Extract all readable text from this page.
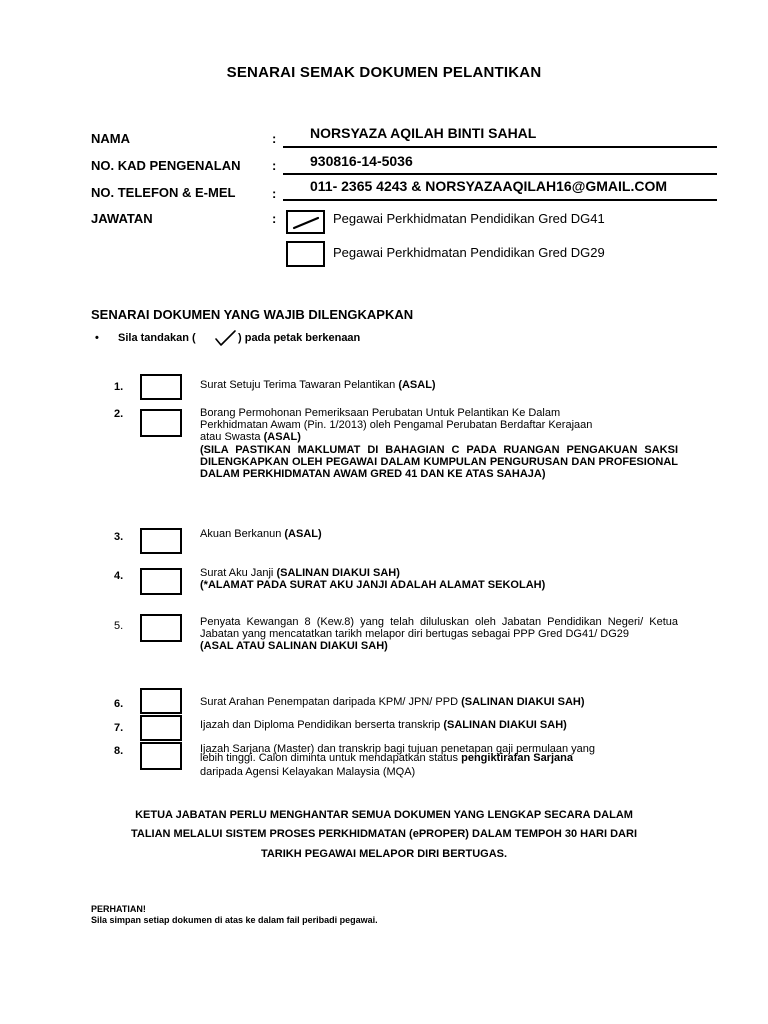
SENARAI SEMAK DOKUMEN PELANTIKAN
NAMA	: NORSYAZA AQILAH BINTI SAHAL
NO. KAD PENGENALAN : 930816-14-5036
NO. TELEFON & E-MEL	: 011- 2365 4243 & NORSYAZAAQILAH16@GMAIL.COM
JAWATAN	:	Pegawai Perkhidmatan Pendidikan Gred DG41
Pegawai Perkhidmatan Pendidikan Gred DG29
SENARAI DOKUMEN YANG WAJIB DILENGKAPKAN
• Sila tandakan (	) pada petak berkenaan
1.	Surat Setuju Terima Tawaran Pelantikan (ASAL)
2.	Borang Permohonan Pemeriksaan Perubatan Untuk Pelantikan Ke Dalam
Perkhidmatan Awam (Pin. 1/2013) oleh Pengamal Perubatan Berdaftar Kerajaan
atau Swasta (ASAL)
(SILA PASTIKAN MAKLUMAT DI BAHAGIAN C PADA RUANGAN PENGAKUAN SAKSI DILENGKAPKAN OLEH PEGAWAI DALAM KUMPULAN PENGURUSAN DAN PROFESIONAL DALAM PERKHIDMATAN AWAM GRED 41 DAN KE ATAS SAHAJA)
3.	Akuan Berkanun (ASAL)
4.	Surat Aku Janji (SALINAN DIAKUI SAH)
(*ALAMAT PADA SURAT AKU JANJI ADALAH ALAMAT SEKOLAH)
5.	Penyata Kewangan 8 (Kew.8) yang telah diluluskan oleh Jabatan Pendidikan Negeri/ Ketua Jabatan yang mencatatkan tarikh melapor diri bertugas sebagai PPP Gred DG41/ DG29
(ASAL ATAU SALINAN DIAKUI SAH)
6.	Surat Arahan Penempatan daripada KPM/ JPN/ PPD (SALINAN DIAKUI SAH)
7.	Ijazah dan Diploma Pendidikan berserta transkrip (SALINAN DIAKUI SAH)
8.	Ijazah Sarjana (Master) dan transkrip bagi tujuan penetapan gaji permulaan yang
lebih tinggi. Calon diminta untuk mendapatkan status pengiktirafan Sarjana
daripada Agensi Kelayakan Malaysia (MQA)
KETUA JABATAN PERLU MENGHANTAR SEMUA DOKUMEN YANG LENGKAP SECARA DALAM
TALIAN MELALUI SISTEM PROSES PERKHIDMATAN (ePROPER) DALAM TEMPOH 30 HARI DARI
TARIKH PEGAWAI MELAPOR DIRI BERTUGAS.
PERHATIAN!
Sila simpan setiap dokumen di atas ke dalam fail peribadi pegawai.
